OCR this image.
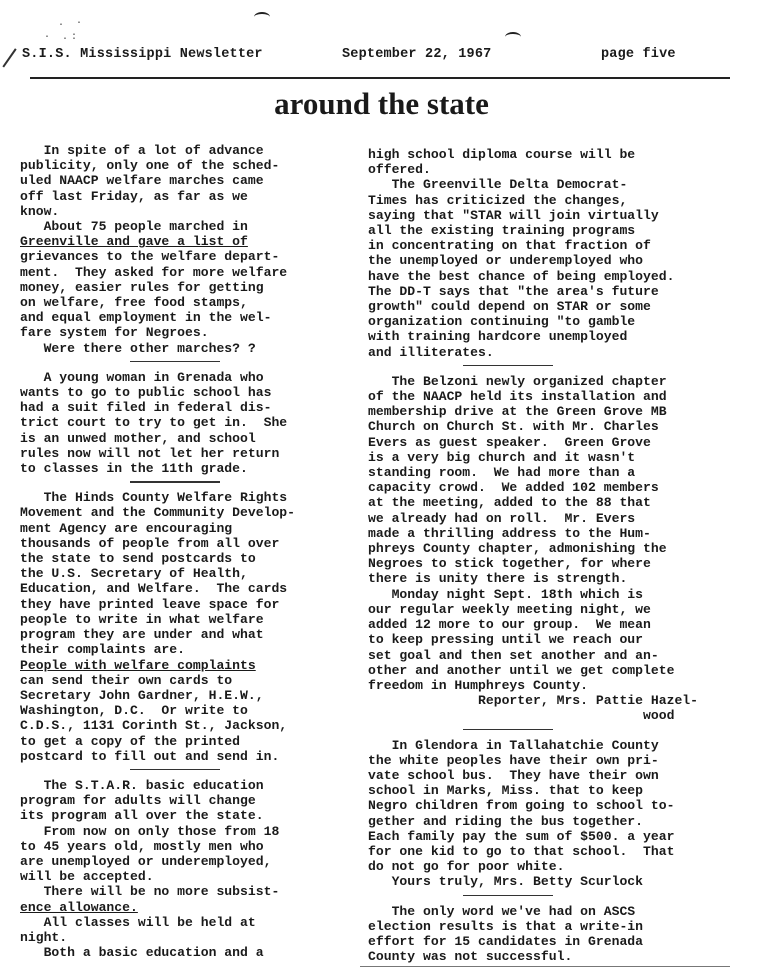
. ·
· .:
S.I.S. Mississippi Newsletter	September 22, 1967	page five
around the state

In spite of a lot of advance

publicity, only one of the sched-

uled NAACP welfare marches came

off last Friday, as far as we

know.

About 75 people marched in

Greenville and gave a list of

grievances to the welfare depart-

ment.  They asked for more welfare

money, easier rules for getting

on welfare, free food stamps,

and equal employment in the wel-

fare system for Negroes.

Were there other marches? ?

A young woman in Grenada who

wants to go to public school has

had a suit filed in federal dis-

trict court to try to get in.  She

is an unwed mother, and school

rules now will not let her return

to classes in the 11th grade.

The Hinds County Welfare Rights

Movement and the Community Develop-

ment Agency are encouraging

thousands of people from all over

the state to send postcards to

the U.S. Secretary of Health,

Education, and Welfare.  The cards

they have printed leave space for

people to write in what welfare

program they are under and what

their complaints are.

People with welfare complaints

can send their own cards to

Secretary John Gardner, H.E.W.,

Washington, D.C.  Or write to

C.D.S., 1131 Corinth St., Jackson,

to get a copy of the printed

postcard to fill out and send in.

The S.T.A.R. basic education

program for adults will change

its program all over the state.

From now on only those from 18

to 45 years old, mostly men who

are unemployed or underemployed,

will be accepted.

There will be no more subsist-

ence allowance.

All classes will be held at

night.

Both a basic education and a

high school diploma course will be

offered.

The Greenville Delta Democrat-

Times has criticized the changes,

saying that "STAR will join virtually

all the existing training programs

in concentrating on that fraction of

the unemployed or underemployed who

have the best chance of being employed.

The DD-T says that "the area's future

growth" could depend on STAR or some

organization continuing "to gamble

with training hardcore unemployed

and illiterates.

The Belzoni newly organized chapter

of the NAACP held its installation and

membership drive at the Green Grove MB

Church on Church St. with Mr. Charles

Evers as guest speaker.  Green Grove

is a very big church and it wasn't

standing room.  We had more than a

capacity crowd.  We added 102 members

at the meeting, added to the 88 that

we already had on roll.  Mr. Evers

made a thrilling address to the Hum-

phreys County chapter, admonishing the

Negroes to stick together, for where

there is unity there is strength.

Monday night Sept. 18th which is

our regular weekly meeting night, we

added 12 more to our group.  We mean

to keep pressing until we reach our

set goal and then set another and an-

other and another until we get complete

freedom in Humphreys County.

Reporter, Mrs. Pattie Hazel-

wood

In Glendora in Tallahatchie County

the white peoples have their own pri-

vate school bus.  They have their own

school in Marks, Miss. that to keep

Negro children from going to school to-

gether and riding the bus together.

Each family pay the sum of $500. a year

for one kid to go to that school.  That

do not go for poor white.

Yours truly, Mrs. Betty Scurlock

The only word we've had on ASCS

election results is that a write-in

effort for 15 candidates in Grenada

County was not successful.
